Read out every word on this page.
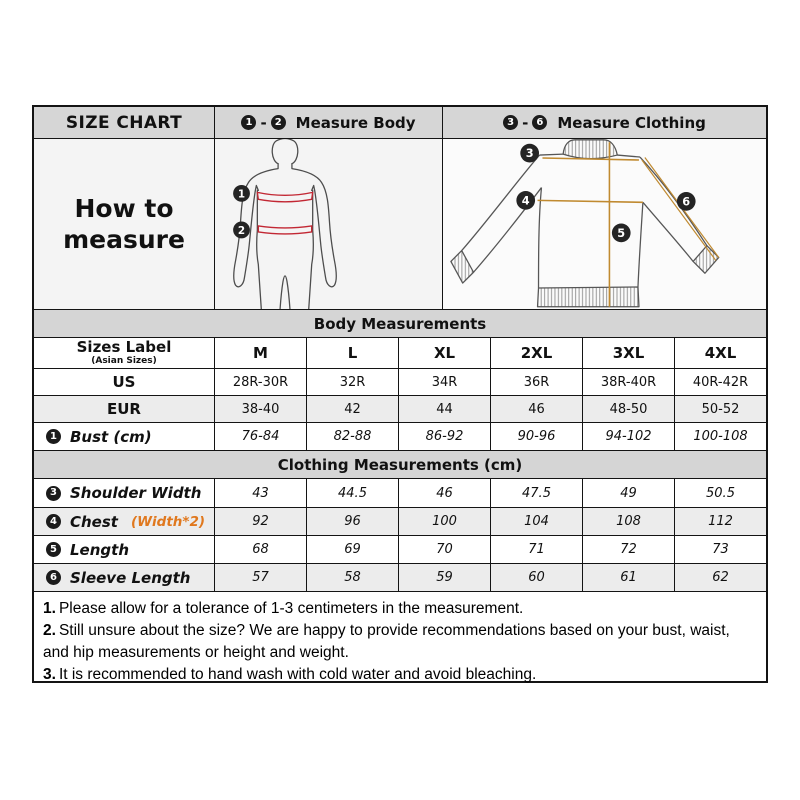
SIZE CHART	1 - 2 Measure Body	3 - 6 Measure Clothing
How to
measure
1
2
3
4
5
6
Body Measurements
Sizes Label
(Asian Sizes)	M	L	XL	2XL	3XL	4XL
US	28R-30R	32R	34R	36R	38R-40R	40R-42R
EUR	38-40	42	44	46	48-50	50-52
1 Bust (cm)	76-84	82-88	86-92	90-96	94-102	100-108
Clothing Measurements (cm)
3 Shoulder Width	43	44.5	46	47.5	49	50.5
4 Chest (Width*2)	92	96	100	104	108	112
5 Length	68	69	70	71	72	73
6 Sleeve Length	57	58	59	60	61	62
1. Please allow for a tolerance of 1-3 centimeters in the measurement.
2. Still unsure about the size? We are happy to provide recommendations based on your bust, waist, and hip measurements or height and weight.
3. It is recommended to hand wash with cold water and avoid bleaching.
